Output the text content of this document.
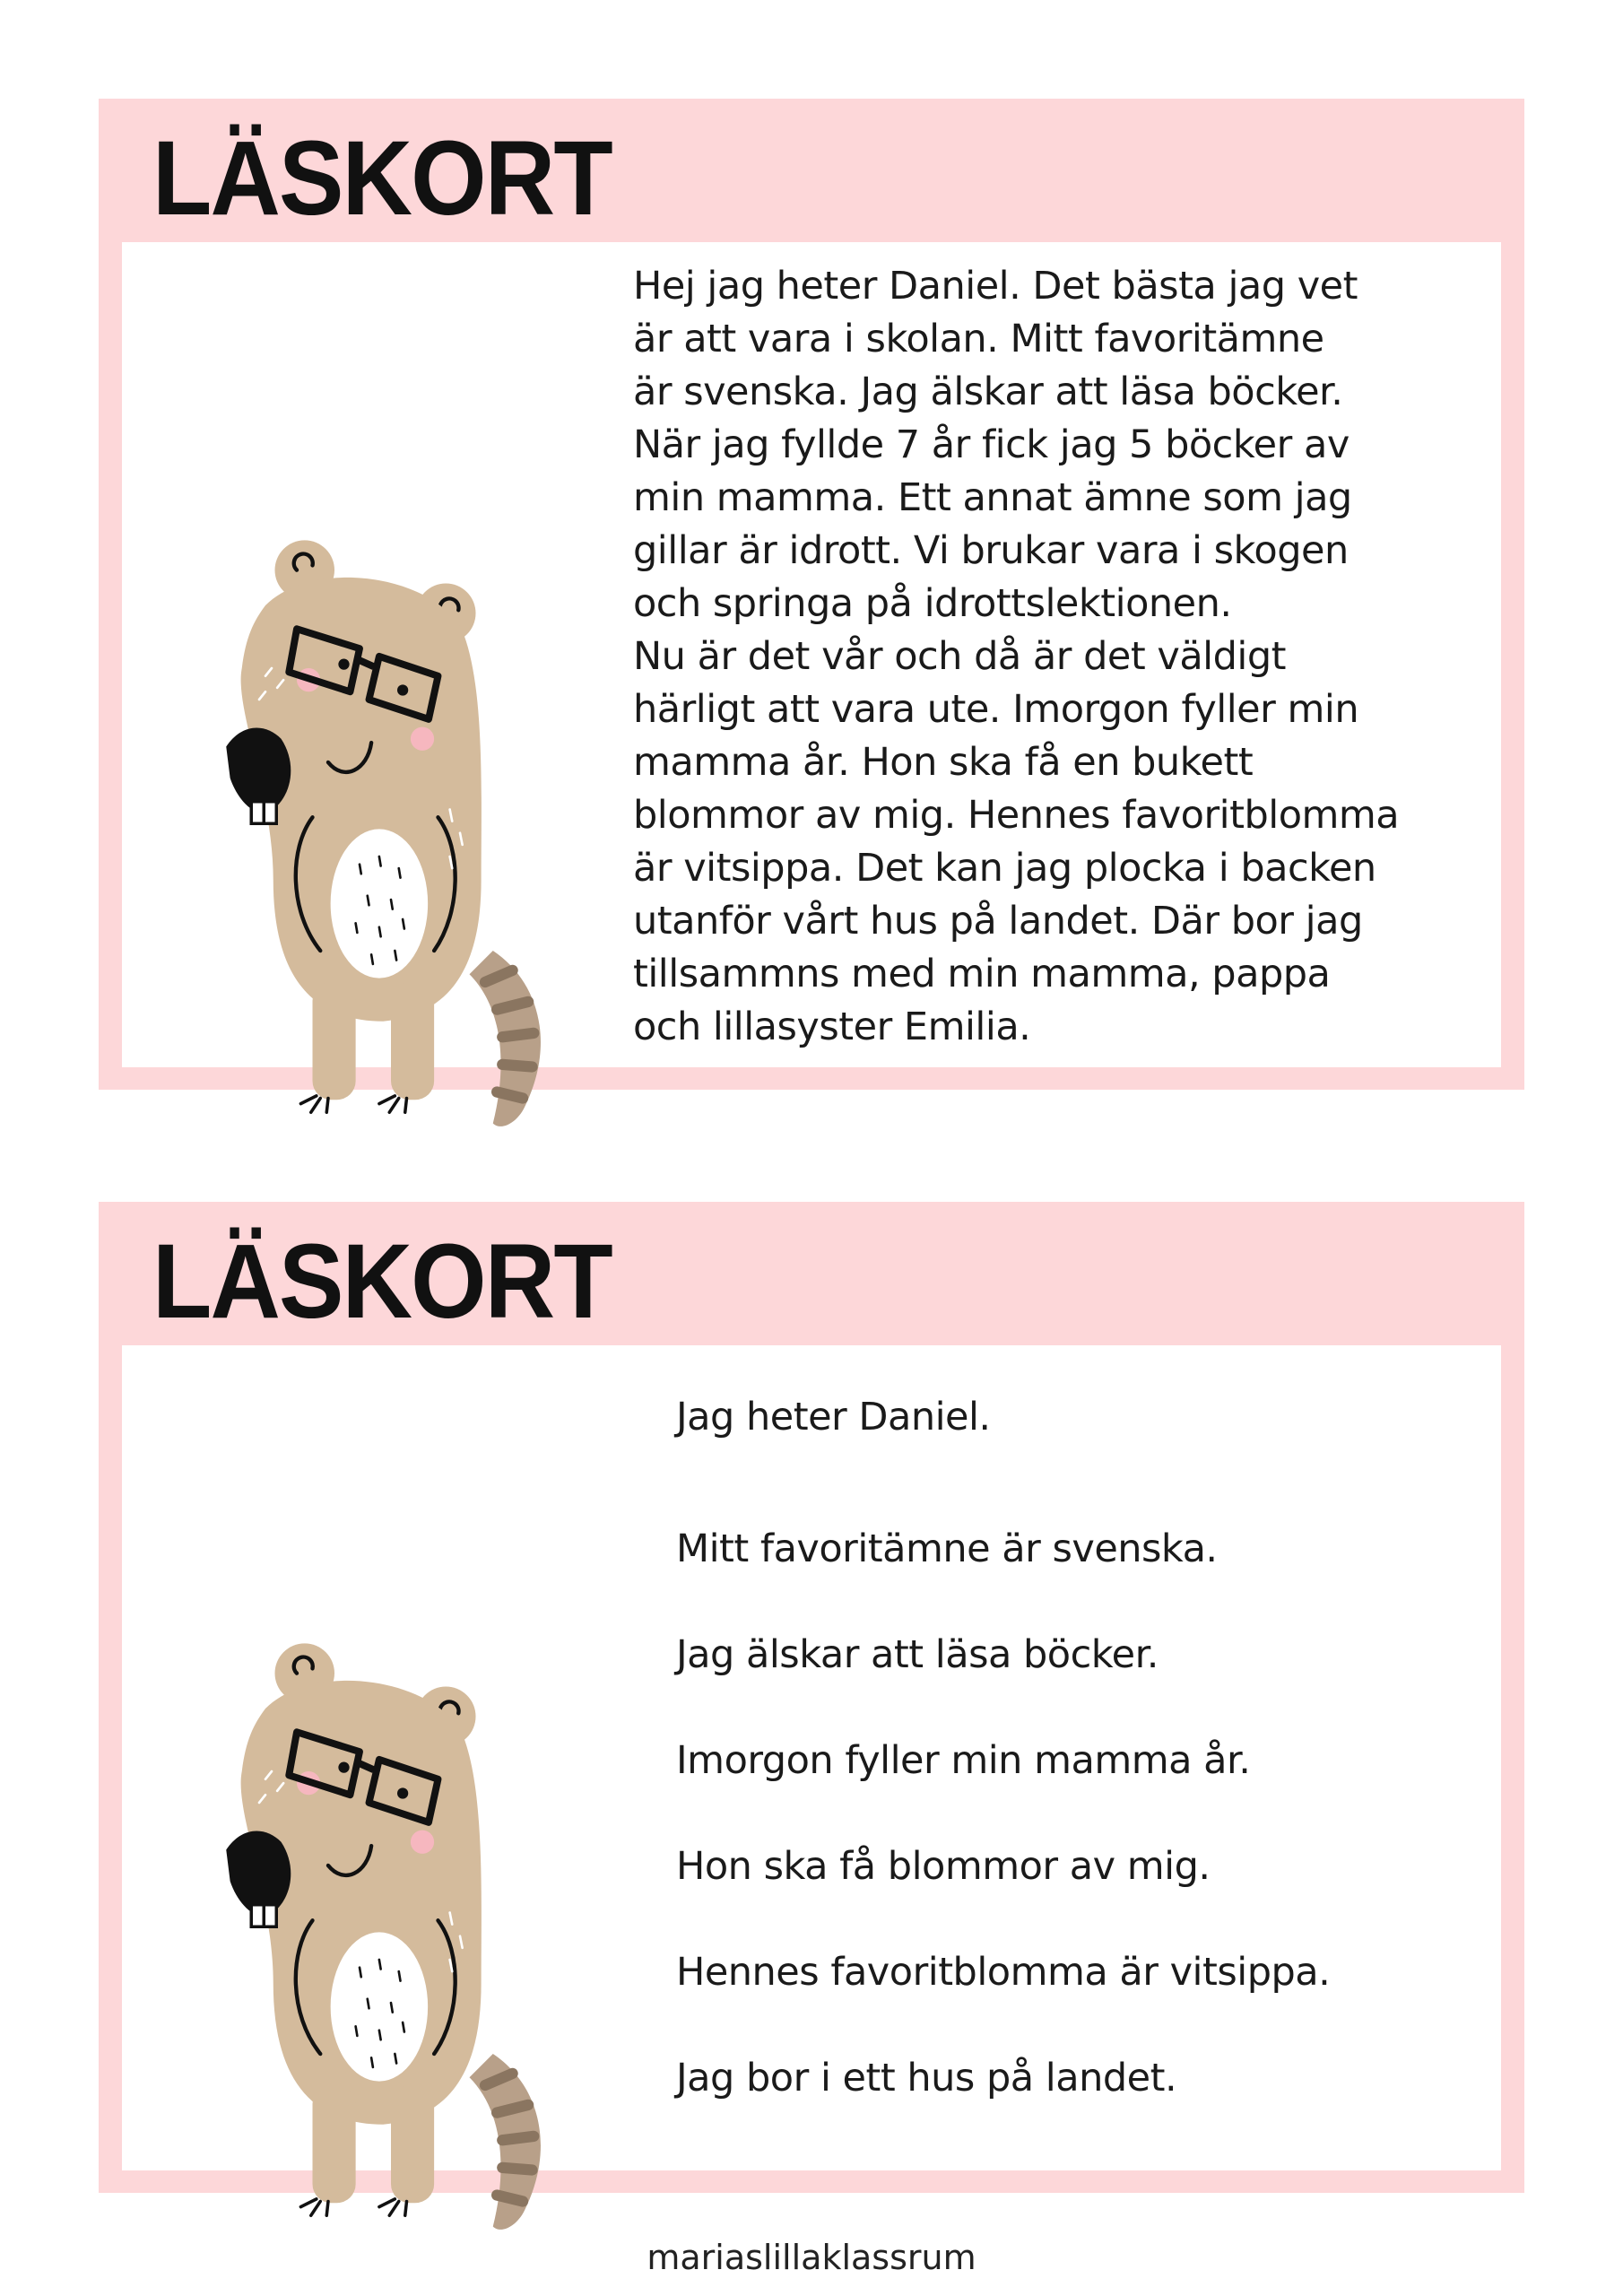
LÄSKORT

Hej jag heter Daniel. Det bästa jag vet
är att vara i skolan. Mitt favoritämne
är svenska. Jag älskar att läsa böcker.
När jag fyllde 7 år fick jag 5 böcker av
min mamma. Ett annat ämne som jag
gillar är idrott. Vi brukar vara i skogen
och springa på idrottslektionen.
Nu är det vår och då är det väldigt
härligt att vara ute. Imorgon fyller min
mamma år. Hon ska få en bukett
blommor av mig. Hennes favoritblomma
är vitsippa. Det kan jag plocka i backen
utanför vårt hus på landet. Där bor jag
tillsammns med min mamma, pappa
och lillasyster Emilia.

LÄSKORT
Jag heter Daniel.
Mitt favoritämne är svenska.
Jag älskar att läsa böcker.
Imorgon fyller min mamma år.
Hon ska få blommor av mig.
Hennes favoritblomma är vitsippa.
Jag bor i ett hus på landet.
mariaslillaklassrum
